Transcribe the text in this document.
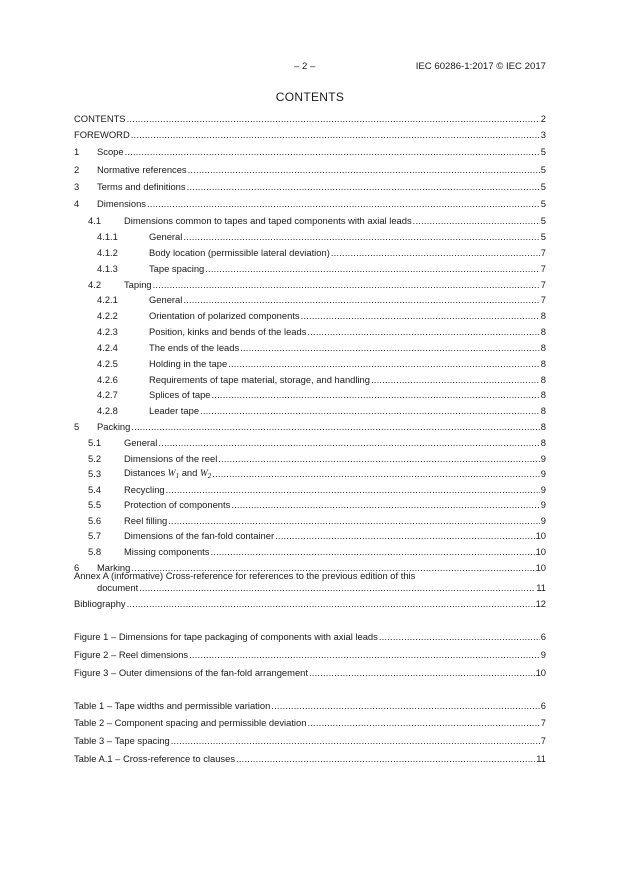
– 2 –	IEC 60286-1:2017 © IEC 2017
CONTENTS
CONTENTS .....	2
FOREWORD .....	3
1	Scope .....	5
2	Normative references .....	5
3	Terms and definitions .....	5
4	Dimensions .....	5
4.1	Dimensions common to tapes and taped components with axial leads .....	5
4.1.1	General .....	5
4.1.2	Body location (permissible lateral deviation) .....	7
4.1.3	Tape spacing .....	7
4.2	Taping .....	7
4.2.1	General .....	7
4.2.2	Orientation of polarized components .....	8
4.2.3	Position, kinks and bends of the leads .....	8
4.2.4	The ends of the leads .....	8
4.2.5	Holding in the tape .....	8
4.2.6	Requirements of tape material, storage, and handling .....	8
4.2.7	Splices of tape .....	8
4.2.8	Leader tape .....	8
5	Packing .....	8
5.1	General .....	8
5.2	Dimensions of the reel .....	9
5.3	Distances $W_1$ and $W_2$ .....	9
5.4	Recycling .....	9
5.5	Protection of components .....	9
5.6	Reel filling .....	9
5.7	Dimensions of the fan-fold container .....	10
5.8	Missing components .....	10
6	Marking .....	10
Annex A (informative) Cross-reference for references to the previous edition of this
document .....	11
Bibliography .....	12
Figure 1 – Dimensions for tape packaging of components with axial leads .....	6
Figure 2 – Reel dimensions .....	9
Figure 3 – Outer dimensions of the fan-fold arrangement .....	10
Table 1 – Tape widths and permissible variation .....	6
Table 2 – Component spacing and permissible deviation .....	7
Table 3 – Tape spacing .....	7
Table A.1 – Cross-reference to clauses .....	11
